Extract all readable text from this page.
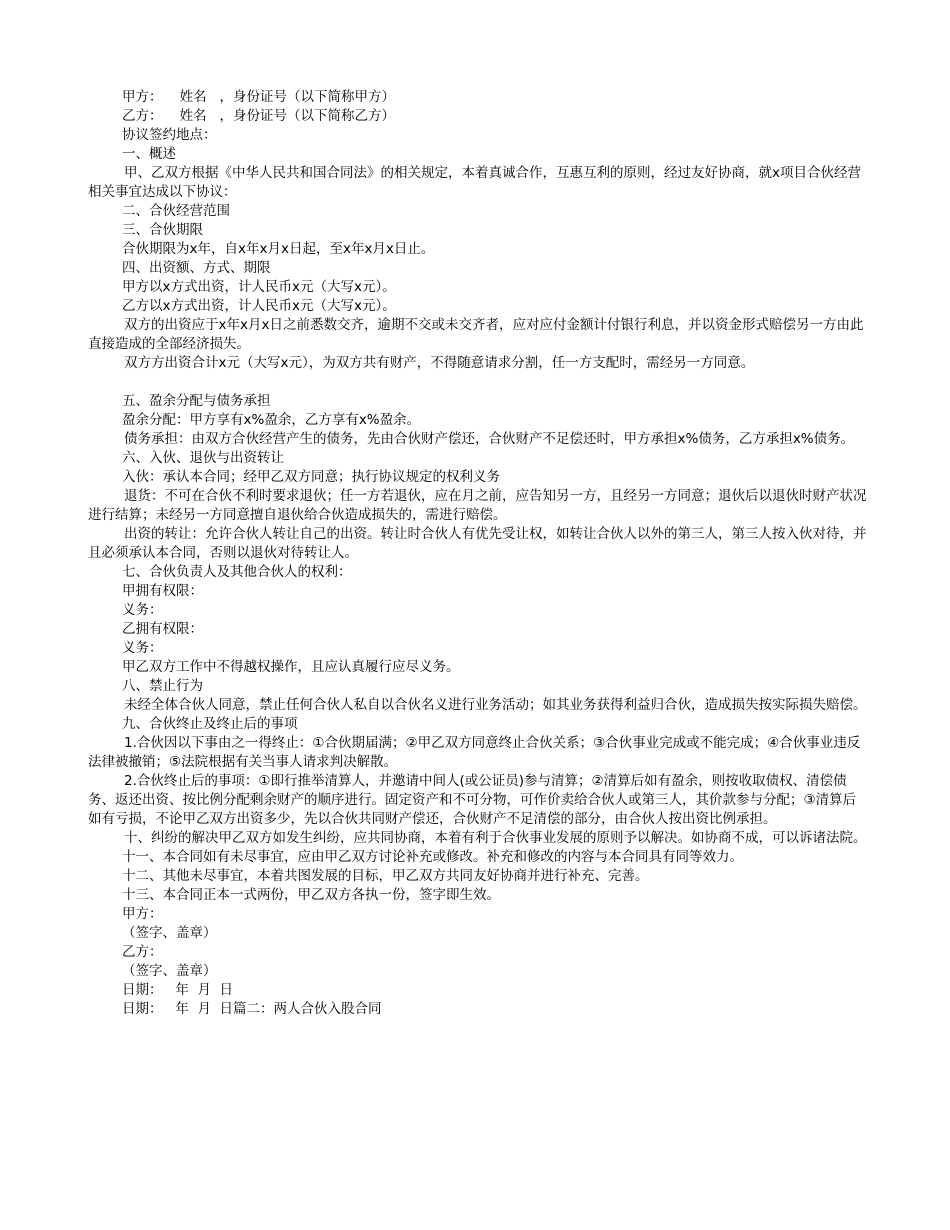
甲方：    姓名   ，身份证号（以下简称甲方）

乙方：    姓名   ，身份证号（以下简称乙方）

协议签约地点：

一、概述

甲、乙双方根据《中华人民共和国合同法》的相关规定，本着真诚合作，互惠互利的原则，经过友好协商，就x项目合伙经营相关事宜达成以下协议：

二、合伙经营范围

三、合伙期限

合伙期限为x年，自x年x月x日起，至x年x月x日止。

四、出资额、方式、期限

甲方以x方式出资，计人民币x元（大写x元）。

乙方以x方式出资，计人民币x元（大写x元）。

双方的出资应于x年x月x日之前悉数交齐，逾期不交或未交齐者，应对应付金额计付银行利息，并以资金形式赔偿另一方由此直接造成的全部经济损失。

双方方出资合计x元（大写x元），为双方共有财产，不得随意请求分割，任一方支配时，需经另一方同意。

五、盈余分配与债务承担

盈余分配：甲方享有x%盈余，乙方享有x%盈余。

债务承担：由双方合伙经营产生的债务，先由合伙财产偿还，合伙财产不足偿还时，甲方承担x%债务，乙方承担x%债务。

六、入伙、退伙与出资转让

入伙：承认本合同；经甲乙双方同意；执行协议规定的权利义务

退货：不可在合伙不利时要求退伙；任一方若退伙，应在月之前，应告知另一方，且经另一方同意；退伙后以退伙时财产状况进行结算；未经另一方同意擅自退伙给合伙造成损失的，需进行赔偿。

出资的转让：允许合伙人转让自己的出资。转让时合伙人有优先受让权，如转让合伙人以外的第三人，第三人按入伙对待，并且必须承认本合同，否则以退伙对待转让人。

七、合伙负责人及其他合伙人的权利：

甲拥有权限：

义务：

乙拥有权限：

义务：

甲乙双方工作中不得越权操作，且应认真履行应尽义务。

八、禁止行为

未经全体合伙人同意，禁止任何合伙人私自以合伙名义进行业务活动；如其业务获得利益归合伙，造成损失按实际损失赔偿。

九、合伙终止及终止后的事项

1.合伙因以下事由之一得终止：①合伙期届满；②甲乙双方同意终止合伙关系；③合伙事业完成或不能完成；④合伙事业违反法律被撤销；⑤法院根据有关当事人请求判决解散。

2.合伙终止后的事项：①即行推举清算人，并邀请中间人(或公证员)参与清算；②清算后如有盈余，则按收取债权、清偿债务、返还出资、按比例分配剩余财产的顺序进行。固定资产和不可分物，可作价卖给合伙人或第三人，其价款参与分配；③清算后如有亏损，不论甲乙双方出资多少，先以合伙共同财产偿还，合伙财产不足清偿的部分，由合伙人按出资比例承担。

十、纠纷的解决甲乙双方如发生纠纷，应共同协商，本着有利于合伙事业发展的原则予以解决。如协商不成，可以诉诸法院。

十一、本合同如有未尽事宜，应由甲乙双方讨论补充或修改。补充和修改的内容与本合同具有同等效力。

十二、其他未尽事宜，本着共图发展的目标，甲乙双方共同友好协商并进行补充、完善。

十三、本合同正本一式两份，甲乙双方各执一份，签字即生效。

甲方：

（签字、盖章）

乙方：

（签字、盖章）

日期：   年  月  日

日期：   年  月  日篇二：两人合伙入股合同
